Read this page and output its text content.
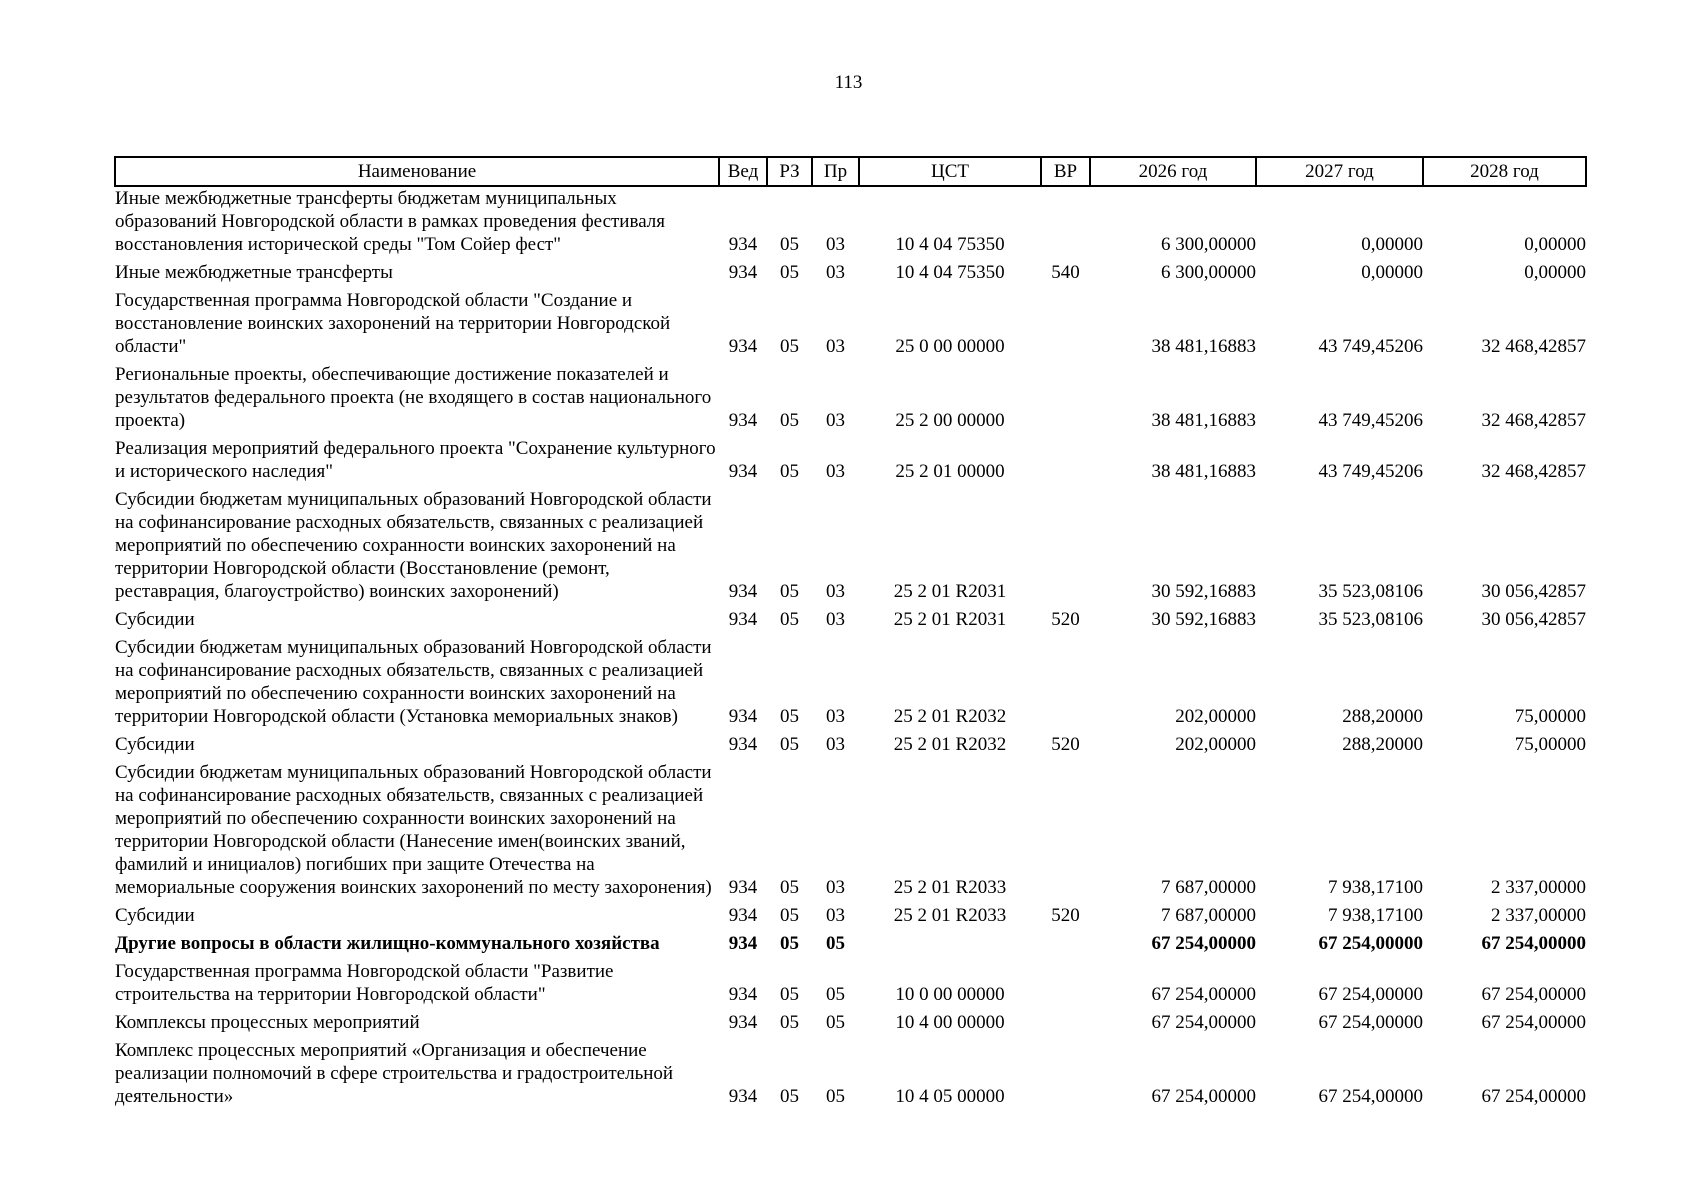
113
Наименование	Вед	РЗ	Пр	ЦСТ	ВР	2026 год	2027 год	2028 год
Иные межбюджетные трансферты бюджетам муниципальных образований Новгородской области в рамках проведения фестиваля восстановления исторической среды "Том Сойер фест"	934	05	03	10 4 04 75350		6 300,00000	0,00000	0,00000
Иные межбюджетные трансферты	934	05	03	10 4 04 75350	540	6 300,00000	0,00000	0,00000
Государственная программа Новгородской области "Создание и восстановление воинских захоронений на территории Новгородской области"	934	05	03	25 0 00 00000		38 481,16883	43 749,45206	32 468,42857
Региональные проекты, обеспечивающие достижение показателей и результатов федерального проекта (не входящего в состав национального проекта)	934	05	03	25 2 00 00000		38 481,16883	43 749,45206	32 468,42857
Реализация мероприятий федерального проекта "Сохранение культурного и исторического наследия"	934	05	03	25 2 01 00000		38 481,16883	43 749,45206	32 468,42857
Субсидии бюджетам муниципальных образований Новгородской области на софинансирование расходных обязательств, связанных с реализацией мероприятий по обеспечению сохранности воинских захоронений на территории Новгородской области (Восстановление (ремонт, реставрация, благоустройство) воинских захоронений)	934	05	03	25 2 01 R2031		30 592,16883	35 523,08106	30 056,42857
Субсидии	934	05	03	25 2 01 R2031	520	30 592,16883	35 523,08106	30 056,42857
Субсидии бюджетам муниципальных образований Новгородской области на софинансирование расходных обязательств, связанных с реализацией мероприятий по обеспечению сохранности воинских захоронений на территории Новгородской области (Установка мемориальных знаков)	934	05	03	25 2 01 R2032		202,00000	288,20000	75,00000
Субсидии	934	05	03	25 2 01 R2032	520	202,00000	288,20000	75,00000
Субсидии бюджетам муниципальных образований Новгородской области на софинансирование расходных обязательств, связанных с реализацией мероприятий по обеспечению сохранности воинских захоронений на территории Новгородской области (Нанесение имен(воинских званий, фамилий и инициалов) погибших при защите Отечества на мемориальные сооружения воинских захоронений по месту захоронения)	934	05	03	25 2 01 R2033		7 687,00000	7 938,17100	2 337,00000
Субсидии	934	05	03	25 2 01 R2033	520	7 687,00000	7 938,17100	2 337,00000
Другие вопросы в области жилищно-коммунального хозяйства	934	05	05			67 254,00000	67 254,00000	67 254,00000
Государственная программа Новгородской области "Развитие строительства на территории Новгородской области"	934	05	05	10 0 00 00000		67 254,00000	67 254,00000	67 254,00000
Комплексы процессных мероприятий	934	05	05	10 4 00 00000		67 254,00000	67 254,00000	67 254,00000
Комплекс процессных мероприятий «Организация и обеспечение реализации полномочий в сфере строительства и градостроительной деятельности»	934	05	05	10 4 05 00000		67 254,00000	67 254,00000	67 254,00000
